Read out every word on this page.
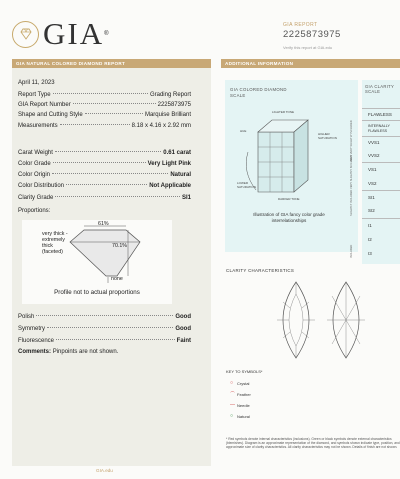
GIA ®
GIA REPORT
2225873975
Verify this report at GIA.edu
GIA NATURAL COLORED DIAMOND REPORT	ADDITIONAL INFORMATION
April 11, 2023
Report Type	Grading Report
GIA Report Number	2225873975
Shape and Cutting Style	Marquise Brilliant
Measurements	8.18 x 4.16 x 2.92 mm
Carat Weight	0.61 carat
Color Grade	Very Light Pink
Color Origin	Natural
Color Distribution	Not Applicable
Clarity Grade	SI1
Proportions:
61%
70.1%
very thick - extremely thick (faceted)
none
Profile not to actual proportions
Polish	Good
Symmetry	Good
Fluorescence	Faint
Comments: Pinpoints are not shown.
GIA COLORED DIAMOND SCALE
LIGHTER TONE
HUE
HIGHER SATURATION
LOWER SATURATION
DARKER TONE
Illustration of GIA fancy color grade interrelationships
GIA CLARITY SCALE
FLAWLESS
INTERNALLY FLAWLESS
VVS1
VVS2
VS1
VS2
SI1
SI2
I1
I2
I3
VERY VERY SLIGHTLY INCLUDED
VERY SLIGHTLY INCLUDED
SLIGHTLY INCLUDED
INCLUDED
CLARITY CHARACTERISTICS
KEY TO SYMBOLS*
○ Crystal
⌒ Feather
— Needle
○ Natural
* Red symbols denote internal characteristics (inclusions). Green or black symbols denote external characteristics (blemishes). Diagram is an approximate representation of the diamond, and symbols shown indicate type, position, and approximate size of clarity characteristics. All clarity characteristics may not be shown. Details of finish are not shown.
GIA.edu
